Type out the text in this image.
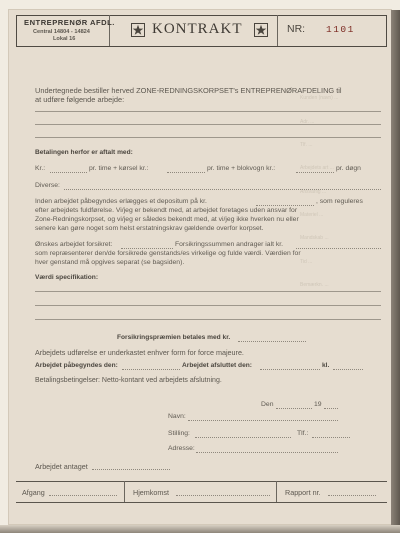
Kunden (navn) ...
Adr. ...
Tlf. ...
Arbejdets art ...
Ansvarlig ...
Materiel ...
Mandskab ...
Tid ...
Bemærkn. ...
ENTREPRENØR AFDL.
Central 14804 - 14824
Lokal 16
KONTRAKT	NR: 1101
Undertegnede bestiller herved ZONE-REDNINGSKORPSET's ENTREPRENØRAFDELING til
at udføre følgende arbejde:
Betalingen herfor er aftalt med:
Kr.:	pr. time + kørsel kr.:	pr. time + blokvogn kr.:	pr. døgn
Diverse:
Inden arbejdet påbegyndes erlægges et depositum på kr.	, som reguleres
efter arbejdets fuldførelse. Vi/jeg er bekendt med, at arbejdet foretages uden ansvar for
Zone-Redningskorpset, og vi/jeg er således bekendt med, at vi/jeg ikke hverken nu eller
senere kan gøre noget som helst erstatningskrav gældende overfor korpset.
Ønskes arbejdet forsikret:	Forsikringssummen andrager ialt kr.
som repræsenterer den/de forsikrede genstands/es virkelige og fulde værdi. Værdien for
hver genstand må opgives separat (se bagsiden).
Værdi specifikation:
Forsikringspræmien betales med kr.
Arbejdets udførelse er underkastet enhver form for force majeure.
Arbejdet påbegyndes den:	Arbejdet afsluttet den:	kl.
Betalingsbetingelser: Netto-kontant ved arbejdets afslutning.
Den	19
Navn:
Stilling:	Tlf.:
Adresse:
Arbejdet antaget
Afgang	Hjemkomst	Rapport nr.
